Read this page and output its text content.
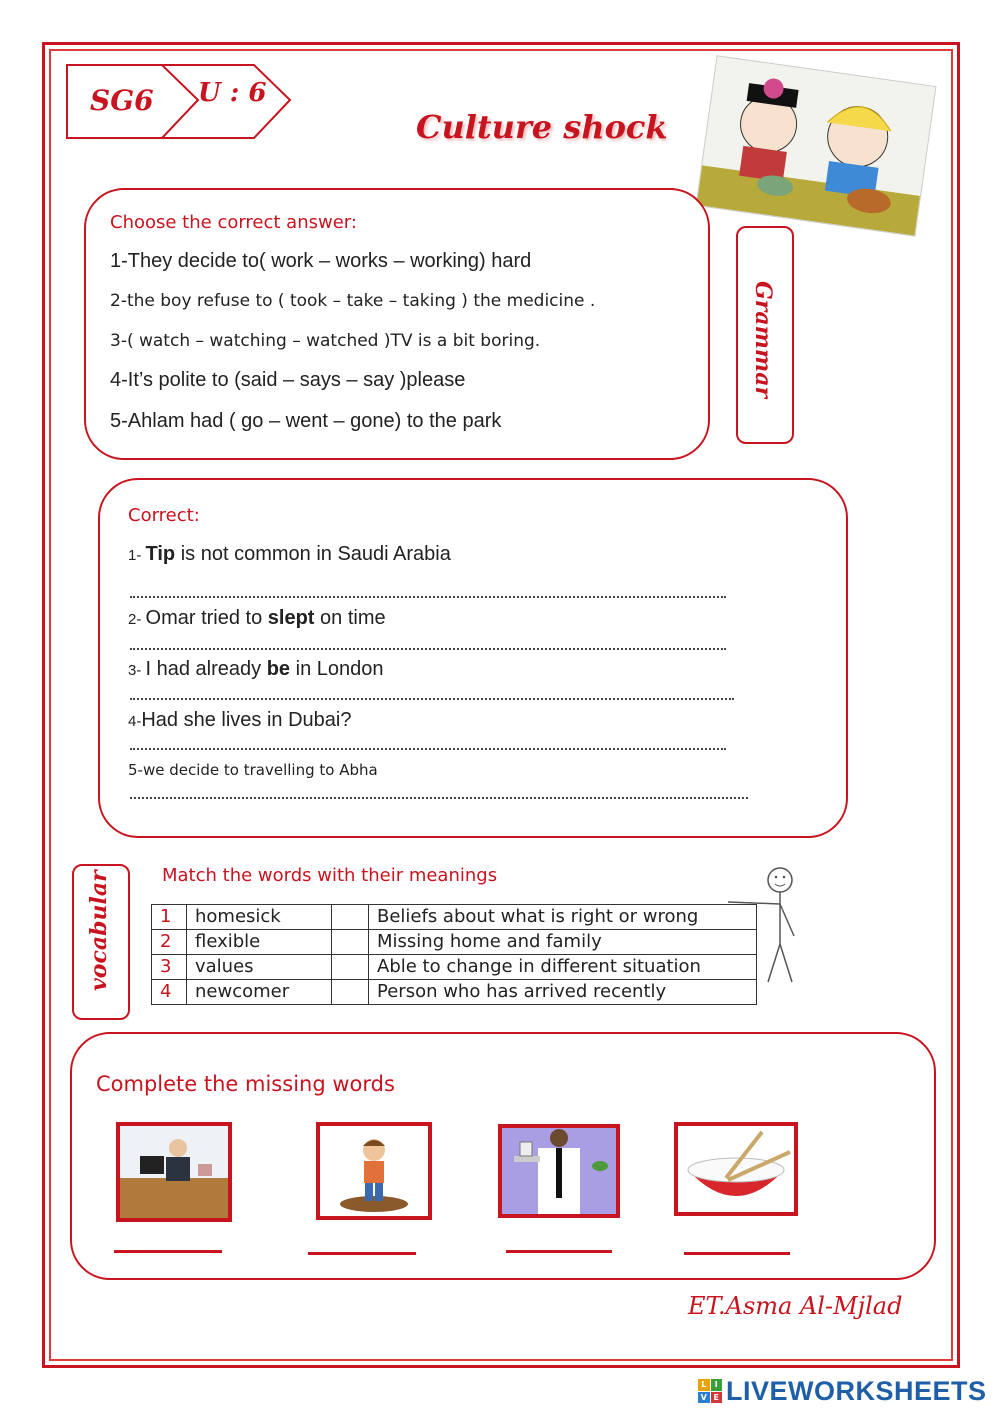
SG6 U : 6
Culture shock
Choose the correct answer:
1-They decide to( work – works – working) hard
2-the boy refuse to ( took – take – taking ) the medicine .
3-( watch – watching – watched )TV is a bit boring.
4-It’s polite to (said – says – say )please
5-Ahlam had ( go – went – gone) to the park
Grammar
Correct:
1- Tip is not common in Saudi Arabia
2- Omar tried to slept on time
3- I had already be in London
4-Had she lives in Dubai?
5-we decide to travelling to Abha
vocabular	Match the words with their meanings
1	homesick		Beliefs about what is right or wrong
2	flexible		Missing home and family
3	values		Able to change in different situation
4	newcomer		Person who has arrived recently
Complete the missing words
ET.Asma Al-Mjlad
L	I
V E LIVEWORKSHEETS
